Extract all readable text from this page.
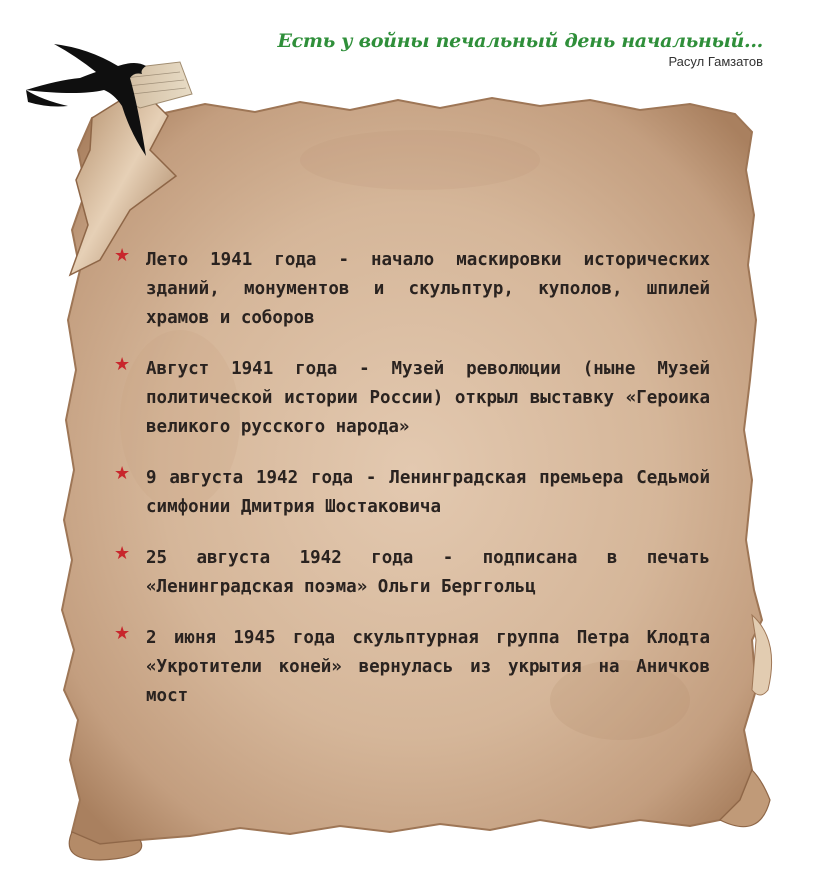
Есть у войны печальный день начальный...
Расул Гамзатов
★ Лето 1941 года - начало маскировки исторических зданий, монументов и скульптур, куполов, шпилей храмов и соборов
★ Август 1941 года - Музей революции (ныне Музей политической истории России) открыл выставку «Героика великого русского народа»
★ 9 августа 1942 года - Ленинградская премьера Седьмой симфонии Дмитрия Шостаковича
★ 25 августа 1942 года - подписана в печать «Ленинградская поэма» Ольги Берггольц
★ 2 июня 1945 года скульптурная группа Петра Клодта «Укротители коней» вернулась из укрытия на Аничков мост
